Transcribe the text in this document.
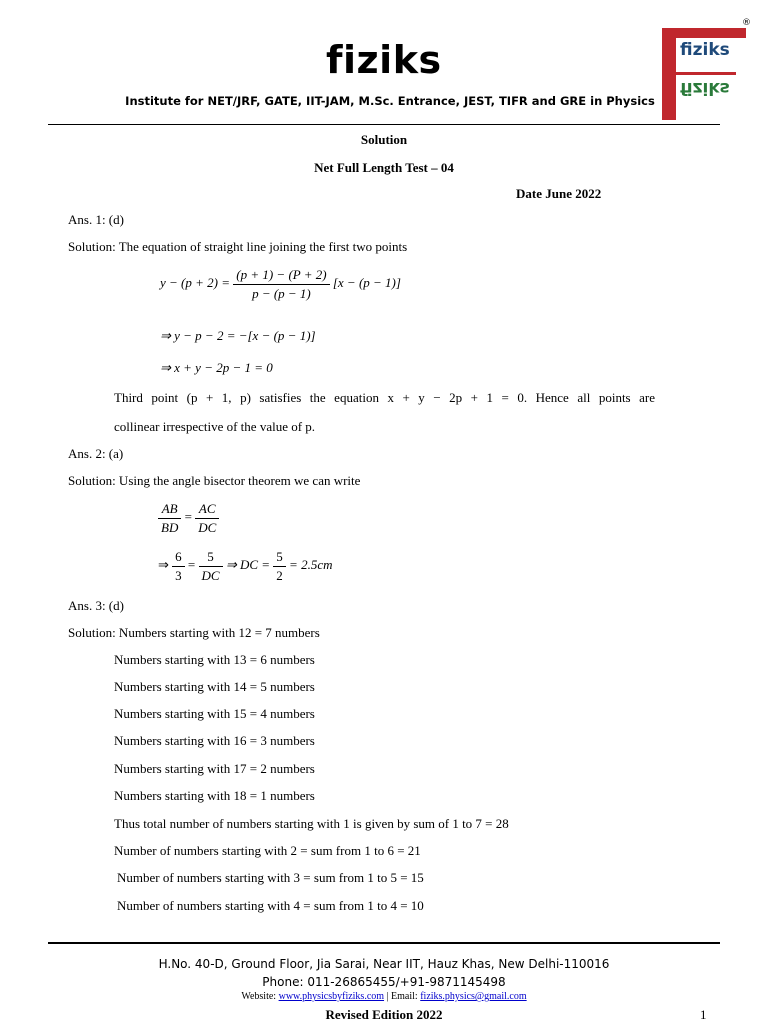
fiziks
Institute for NET/JRF, GATE, IIT-JAM, M.Sc. Entrance, JEST, TIFR and GRE in Physics
fiziks
fiziks
®
Solution
Net Full Length Test – 04
Date June 2022
Ans. 1: (d)
Solution: The equation of straight line joining the first two points
$y - (p + 2) = \frac{(p + 1) - (P + 2)}{p - (p - 1)} [x - (p - 1)]$
⇒ y − p − 2 = −[x − (p − 1)]
⇒ x + y − 2p − 1 = 0
Third point (p + 1, p) satisfies the equation x + y − 2p + 1 = 0. Hence all points are
collinear irrespective of the value of p.
Ans. 2: (a)
Solution: Using the angle bisector theorem we can write
$\frac{AB}{BD} = \frac{AC}{DC}$
⇒ $\frac{6}{3} = \frac{5}{DC}$ ⇒ DC = $\frac{5}{2} = 2.5cm$
Ans. 3: (d)
Solution: Numbers starting with 12 = 7 numbers
Numbers starting with 13 = 6 numbers
Numbers starting with 14 = 5 numbers
Numbers starting with 15 = 4 numbers
Numbers starting with 16 = 3 numbers
Numbers starting with 17 = 2 numbers
Numbers starting with 18 = 1 numbers
Thus total number of numbers starting with 1 is given by sum of 1 to 7 = 28
Number of numbers starting with 2 = sum from 1 to 6 = 21
Number of numbers starting with 3 = sum from 1 to 5 = 15
Number of numbers starting with 4 = sum from 1 to 4 = 10
H.No. 40-D, Ground Floor, Jia Sarai, Near IIT, Hauz Khas, New Delhi-110016
Phone: 011-26865455/+91-9871145498
Website: www.physicsbyfiziks.com | Email: fiziks.physics@gmail.com
Revised Edition 2022	1
